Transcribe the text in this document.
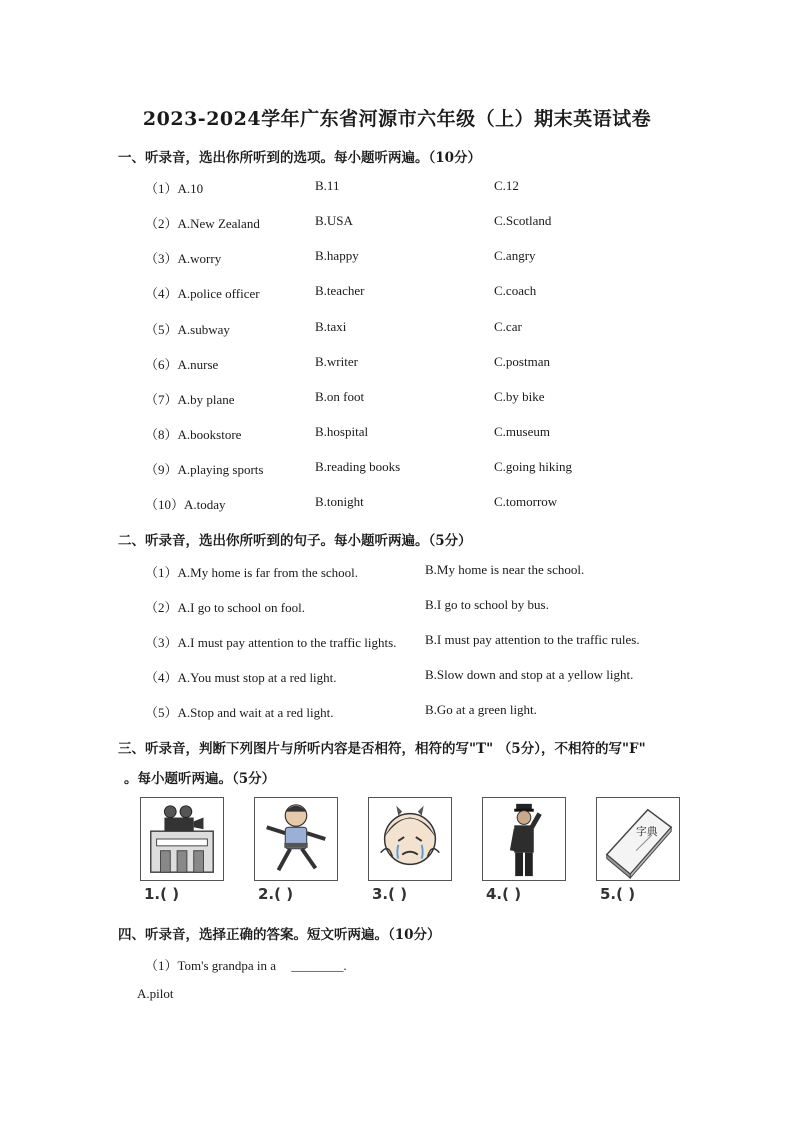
2023-2024学年广东省河源市六年级（上）期末英语试卷
一、听录音，选出你所听到的选项。每小题听两遍。（10分）
（1）A.10	B.11	C.12
（2）A.New Zealand	B.USA	C.Scotland
（3）A.worry	B.happy	C.angry
（4）A.police officer	B.teacher	C.coach
（5）A.subway	B.taxi	C.car
（6）A.nurse	B.writer	C.postman
（7）A.by plane	B.on foot	C.by bike
（8）A.bookstore	B.hospital	C.museum
（9）A.playing sports	B.reading books	C.going hiking
（10）A.today	B.tonight	C.tomorrow
二、听录音，选出你所听到的句子。每小题听两遍。（5分）
（1）A.My home is far from the school.	B.My home is near the school.
（2）A.I go to school on fool.	B.I go to school by bus.
（3）A.I must pay attention to the traffic lights. B.I must pay attention to the traffic rules.
（4）A.You must stop at a red light.	B.Slow down and stop at a yellow light.
（5）A.Stop and wait at a red light.	B.Go at a green light.
三、听录音，判断下列图片与所听内容是否相符，相符的写"T" （5分），不相符的写"F"
。每小题听两遍。（5分）
字典
1.( )	2.( )	3.( )	4.( )	5.( )
四、听录音，选择正确的答案。短文听两遍。（10分）
（1）Tom's grandpa in a ________.
A.pilot
